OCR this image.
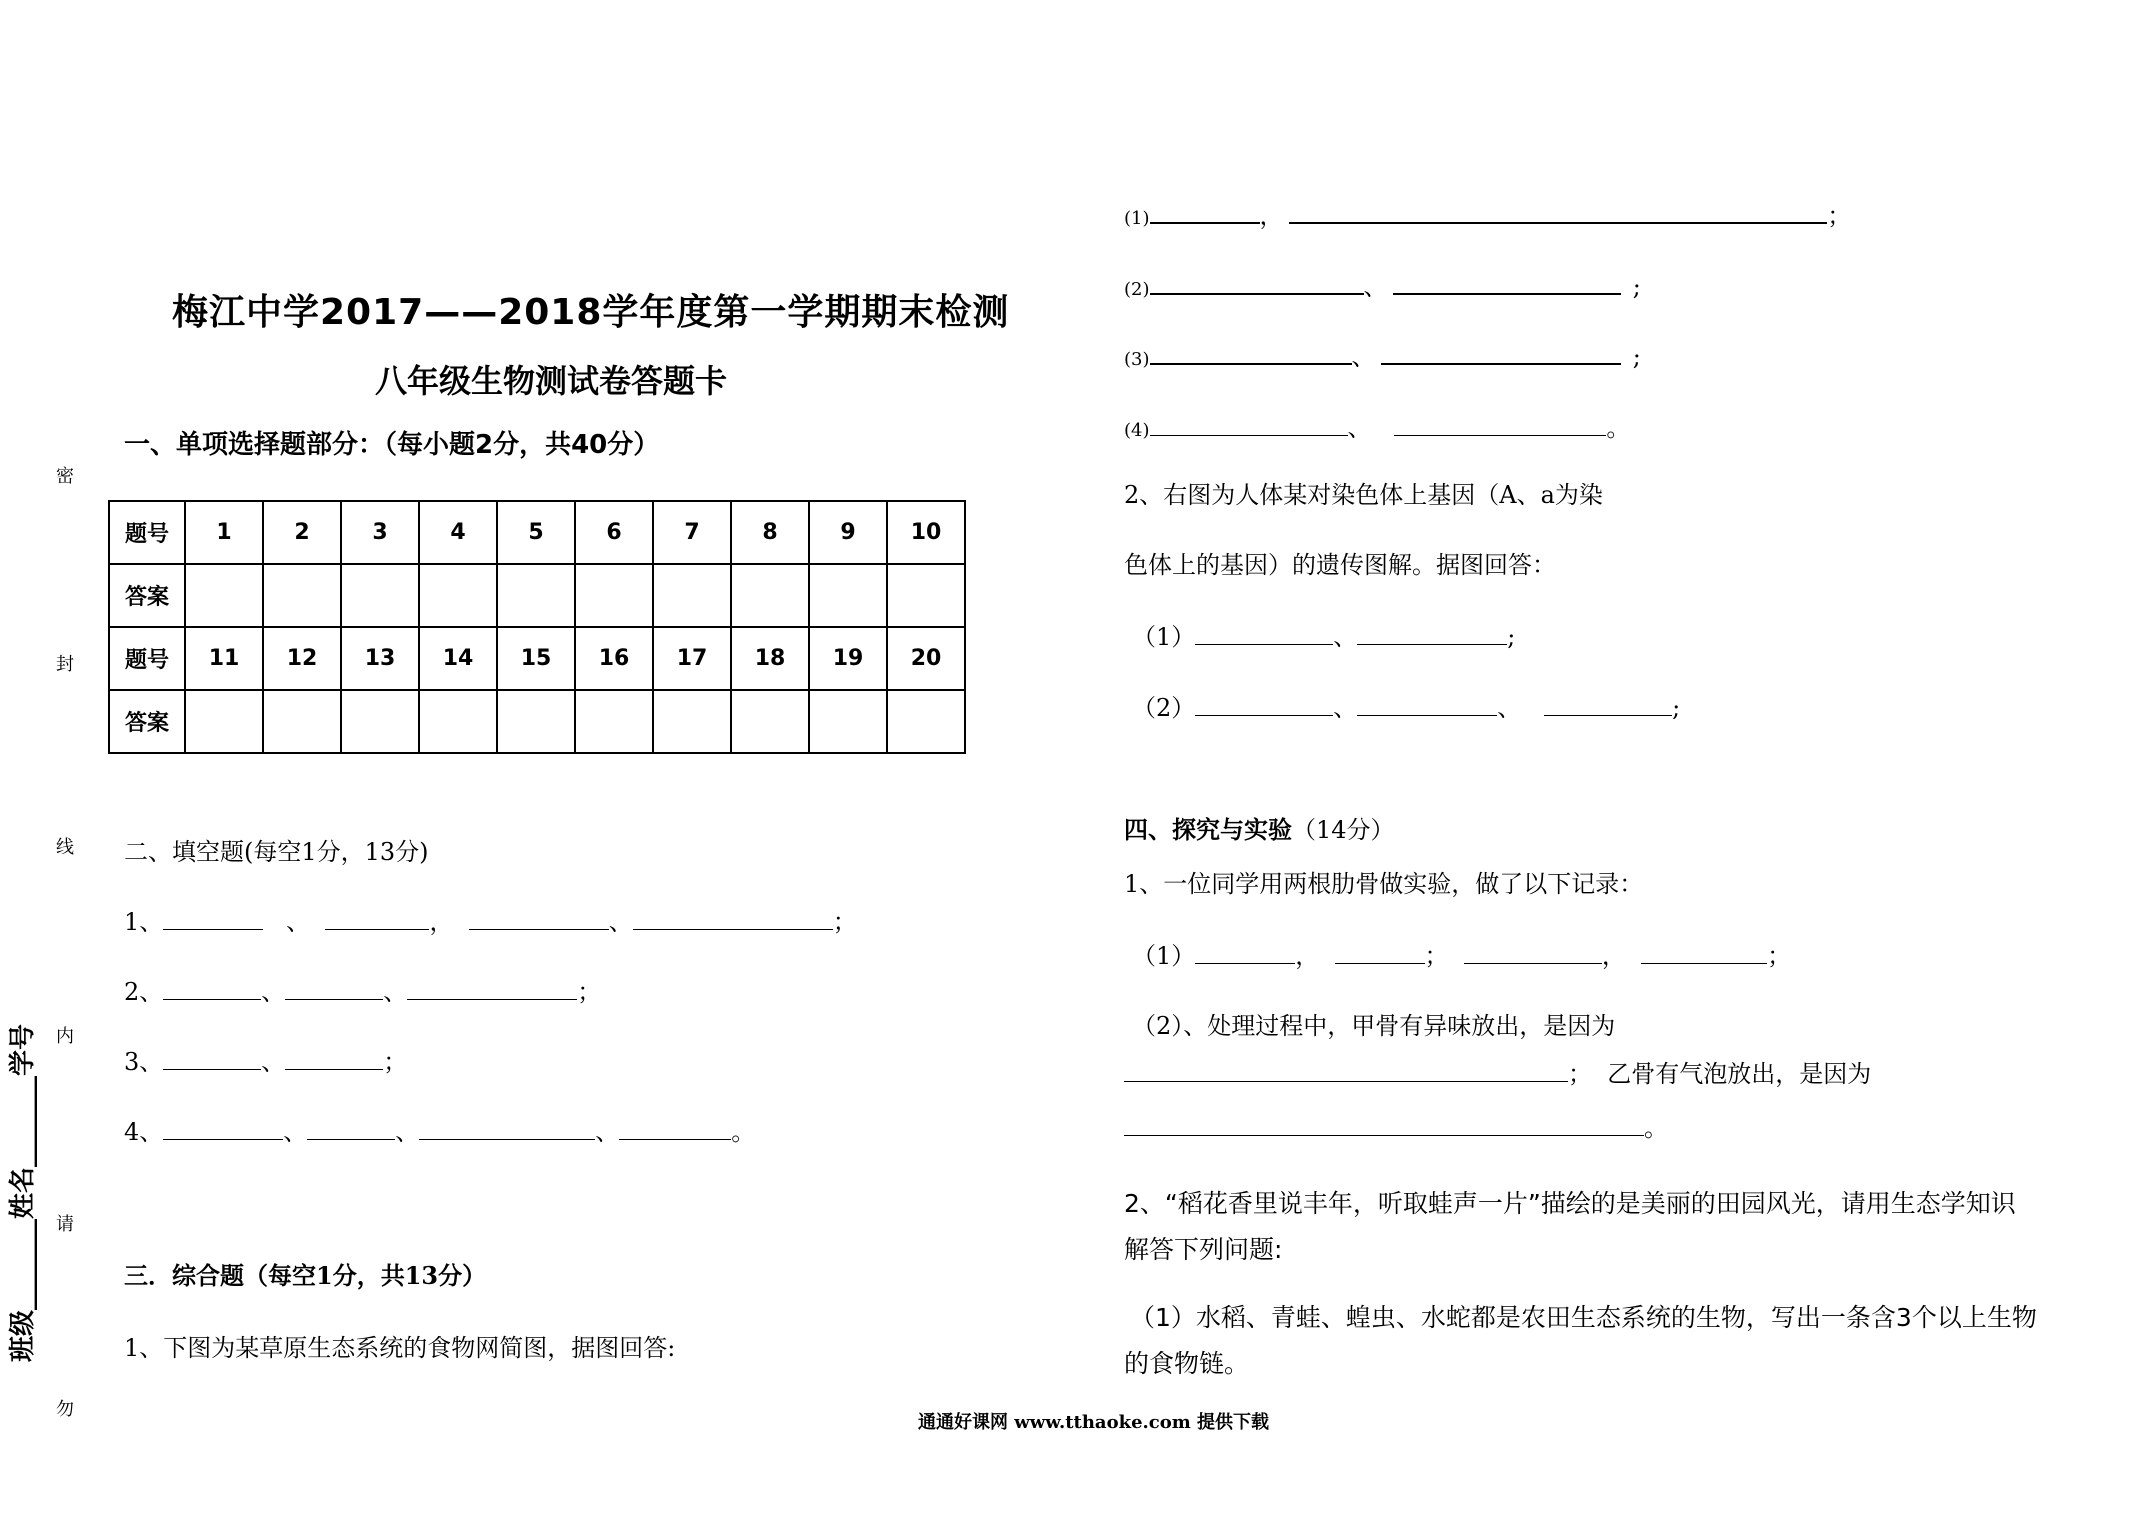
密
封
线
内
请
勿
班级_______姓名_______学号
梅江中学2017——2018学年度第一学期期末检测
八年级生物测试卷答题卡
一、单项选择题部分：（每小题2分，共40分）
题号	1	2	3	4	5	6	7	8	9	10
答案										
题号	11	12	13	14	15	16	17	18	19	20
答案										
二、填空题(每空1分，13分)
1、	、	，	、	；
2、	、	、	；
3、	、	；
4、	、	、	、	。
三．综合题（每空1分，共13分）
1、下图为某草原生态系统的食物网简图，据图回答:
(1)	，	；
(2)	、	;
(3)	、	;
(4)	、	。
2、右图为人体某对染色体上基因（A、a为染
色体上的基因）的遗传图解。据图回答：
（1）	、	;
（2）	、	、	;
四、探究与实验（14分）
1、一位同学用两根肋骨做实验，做了以下记录：
（1）	，	；	，	；
（2）、处理过程中，甲骨有异味放出，是因为
； 乙骨有气泡放出，是因为
。
2、“稻花香里说丰年，听取蛙声一片”描绘的是美丽的田园风光，请用生态学知识
解答下列问题:
（1）水稻、青蛙、蝗虫、水蛇都是农田生态系统的生物，写出一条含3个以上生物
的食物链。
通通好课网 www.tthaoke.com 提供下载
